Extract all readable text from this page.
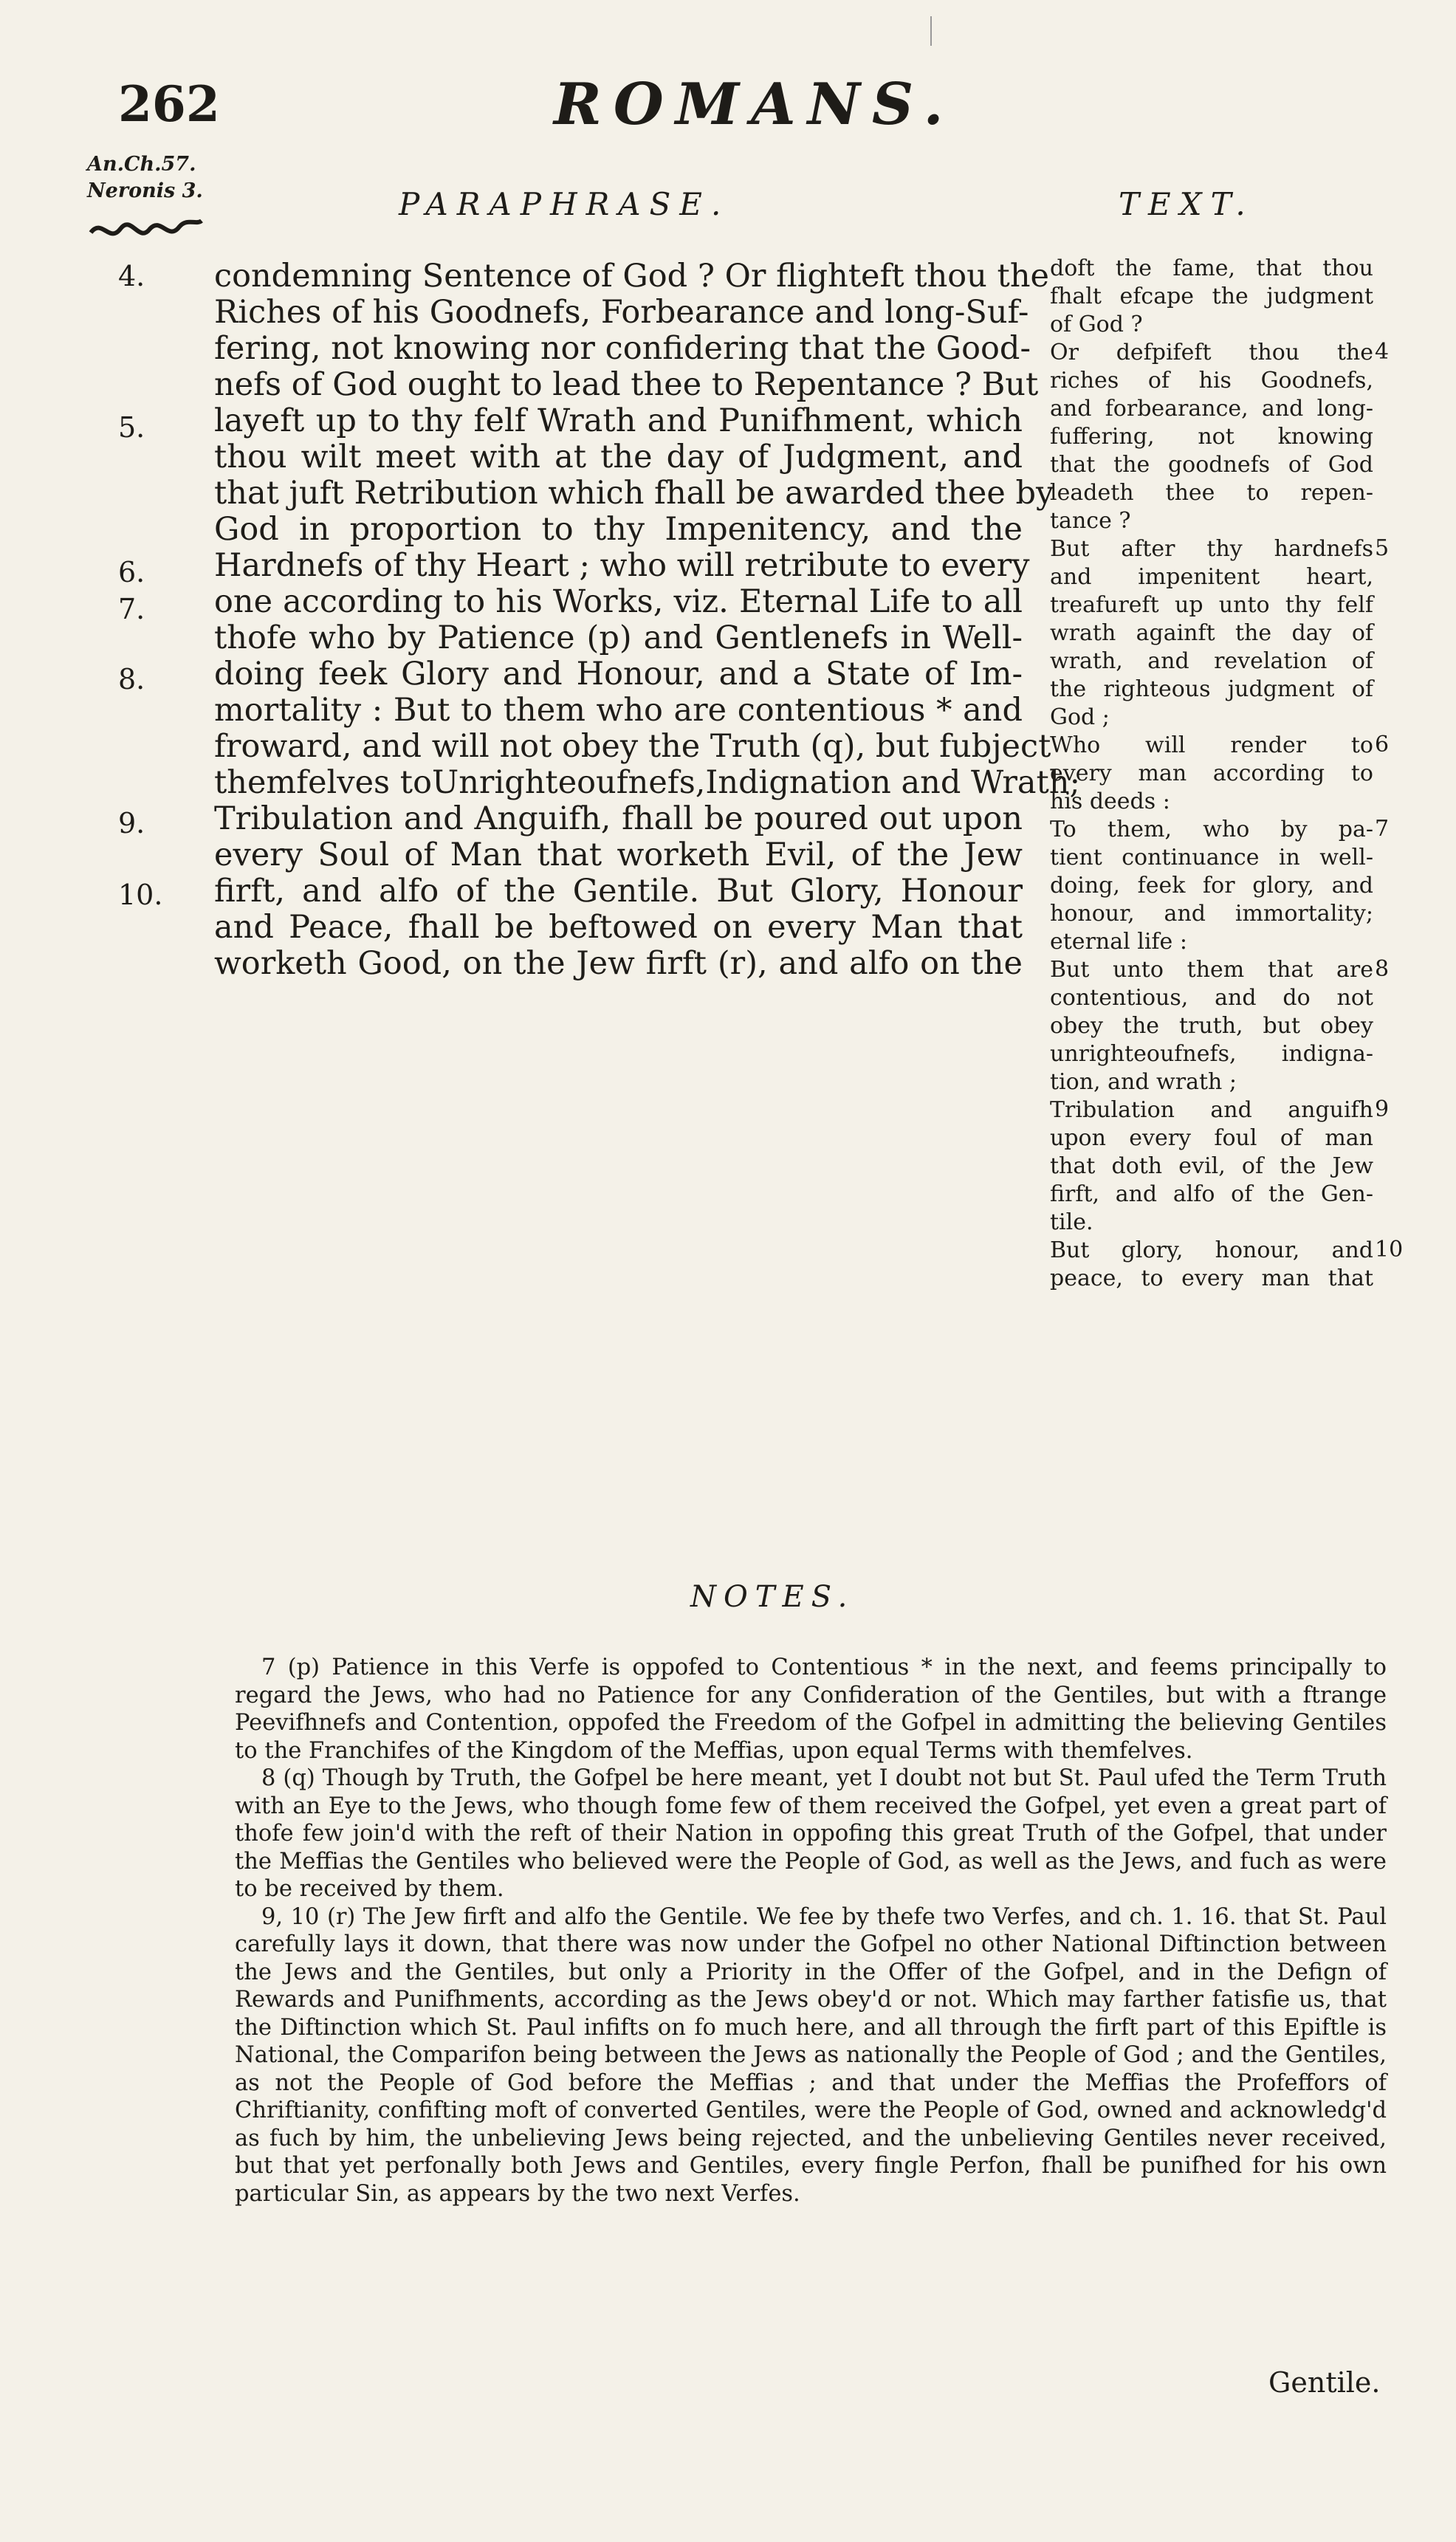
262	ROMANS.
An.Ch.57.
Neronis 3.	PARAPHRASE.	TEXT.
4.
5.
6.
7.
8.
9.
10.
condemning Sentence of God ? Or flighteft thou the
Riches of his Goodnefs, Forbearance and long-Suf-
fering, not knowing nor confidering that the Good-
nefs of God ought to lead thee to Repentance ? But
layeft up to thy felf Wrath and Punifhment, which
thou wilt meet with at the day of Judgment, and
that juft Retribution which fhall be awarded thee by
God in proportion to thy Impenitency, and the
Hardnefs of thy Heart ; who will retribute to every
one according to his Works, viz. Eternal Life to all
thofe who by Patience (p) and Gentlenefs in Well-
doing feek Glory and Honour, and a State of Im-
mortality : But to them who are contentious * and
froward, and will not obey the Truth (q), but fubject
themfelves toUnrighteoufnefs,Indignation and Wrath;
Tribulation and Anguifh, fhall be poured out upon
every Soul of Man that worketh Evil, of the Jew
firft, and alfo of the Gentile. But Glory, Honour
and Peace, fhall be beftowed on every Man that
worketh Good, on the Jew firft (r), and alfo on the
doft the fame, that thou
fhalt efcape the judgment
of God ?
Or defpifeft thou the
riches of his Goodnefs,
and forbearance, and long-
fuffering, not knowing
that the goodnefs of God
leadeth thee to repen-
tance ?
But after thy hardnefs
and impenitent heart,
treafureft up unto thy felf
wrath againft the day of
wrath, and revelation of
the righteous judgment of
God ;
Who will render to
every man according to
his deeds :
To them, who by pa-
tient continuance in well-
doing, feek for glory, and
honour, and immortality;
eternal life :
But unto them that are
contentious, and do not
obey the truth, but obey
unrighteoufnefs, indigna-
tion, and wrath ;
Tribulation and anguifh
upon every foul of man
that doth evil, of the Jew
firft, and alfo of the Gen-
tile.
But glory, honour, and
peace, to every man that
4
5
6
7
8
9
10
NOTES.

7 (p) Patience in this Verfe is oppofed to Contentious * in the next, and feems principally to regard the Jews, who had no Patience for any Confideration of the Gentiles, but with a ftrange Peevifhnefs and Contention, oppofed the Freedom of the Gofpel in admitting the believing Gentiles to the Franchifes of the Kingdom of the Meffias, upon equal Terms with themfelves.

8 (q) Though by Truth, the Gofpel be here meant, yet I doubt not but St. Paul ufed the Term Truth with an Eye to the Jews, who though fome few of them received the Gofpel, yet even a great part of thofe few join'd with the reft of their Nation in oppofing this great Truth of the Gofpel, that under the Meffias the Gentiles who believed were the People of God, as well as the Jews, and fuch as were to be received by them.

9, 10 (r) The Jew firft and alfo the Gentile. We fee by thefe two Verfes, and ch. 1. 16. that St. Paul carefully lays it down, that there was now under the Gofpel no other National Diftinction between the Jews and the Gentiles, but only a Priority in the Offer of the Gofpel, and in the Defign of Rewards and Punifhments, according as the Jews obey'd or not. Which may farther fatisfie us, that the Diftinction which St. Paul infifts on fo much here, and all through the firft part of this Epiftle is National, the Comparifon being between the Jews as nationally the People of God ; and the Gentiles, as not the People of God before the Meffias ; and that under the Meffias the Profeffors of Chriftianity, confifting moft of converted Gentiles, were the People of God, owned and acknowledg'd as fuch by him, the unbelieving Jews being rejected, and the unbelieving Gentiles never received, but that yet perfonally both Jews and Gentiles, every fingle Perfon, fhall be punifhed for his own particular Sin, as appears by the two next Verfes.

Gentile.
